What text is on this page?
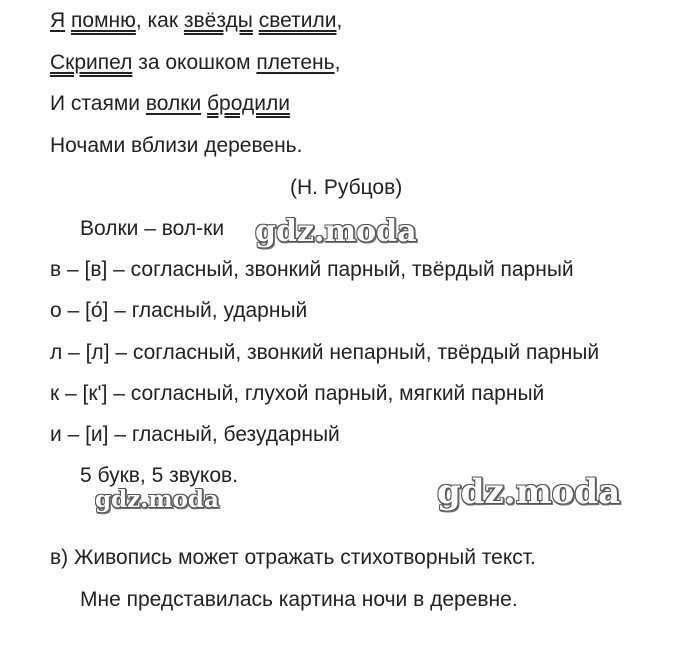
Я помню, как звёзды светили,
Скрипел за окошком плетень,
И стаями волки бродили
Ночами вблизи деревень.
(Н. Рубцов)
Волки – вол-ки
в – [в] – согласный, звонкий парный, твёрдый парный
о – [о́] – гласный, ударный
л – [л] – согласный, звонкий непарный, твёрдый парный
к – [к'] – согласный, глухой парный, мягкий парный
и – [и] – гласный, безударный
5 букв, 5 звуков.
в) Живопись может отражать стихотворный текст.
Мне представилась картина ночи в деревне.
gdz.moda
gdz.moda	gdz.moda
